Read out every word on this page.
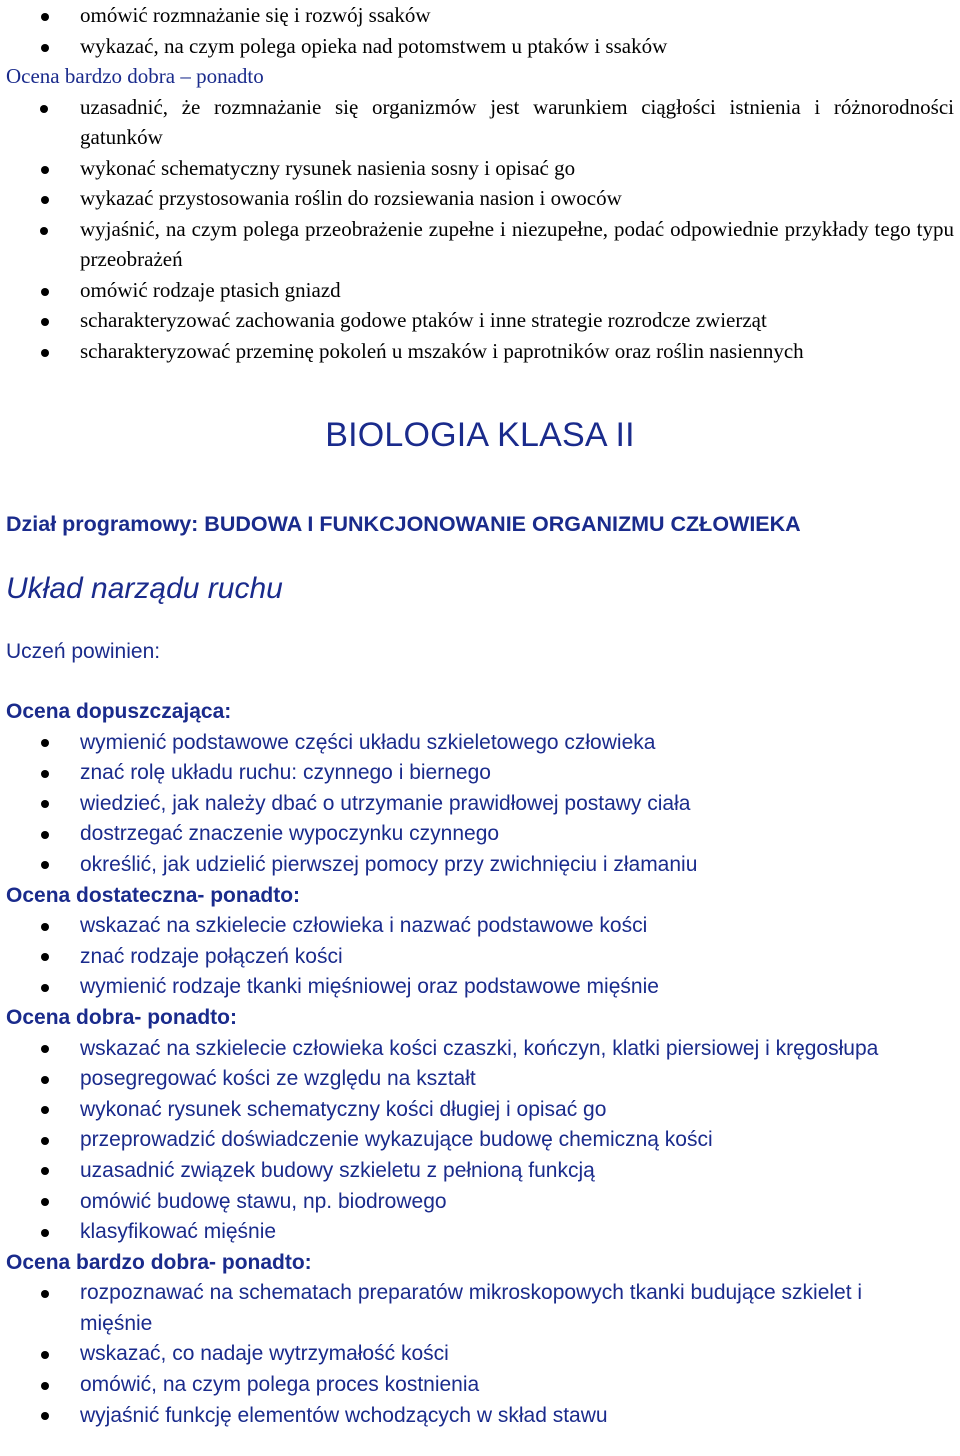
omówić rozmnażanie się i rozwój ssaków
wykazać, na czym polega opieka nad potomstwem u ptaków i ssaków
Ocena bardzo dobra – ponadto
uzasadnić, że rozmnażanie się organizmów jest warunkiem ciągłości istnienia i różnorodności gatunków
wykonać schematyczny rysunek nasienia sosny i opisać go
wykazać przystosowania roślin do rozsiewania nasion i owoców
wyjaśnić, na czym polega przeobrażenie zupełne i niezupełne, podać odpowiednie przykłady tego typu przeobrażeń
omówić rodzaje ptasich gniazd
scharakteryzować zachowania godowe ptaków i inne strategie rozrodcze zwierząt
scharakteryzować przeminę pokoleń u mszaków i paprotników oraz roślin nasiennych
BIOLOGIA KLASA II
Dział programowy: BUDOWA I FUNKCJONOWANIE ORGANIZMU CZŁOWIEKA
Układ narządu ruchu
Uczeń powinien:
Ocena dopuszczająca:
wymienić podstawowe części układu szkieletowego człowieka
znać rolę układu ruchu: czynnego i biernego
wiedzieć, jak należy dbać o utrzymanie prawidłowej postawy ciała
dostrzegać znaczenie wypoczynku czynnego
określić, jak udzielić pierwszej pomocy przy zwichnięciu i złamaniu
Ocena dostateczna- ponadto:
wskazać na szkielecie człowieka i nazwać podstawowe kości
znać rodzaje połączeń kości
wymienić rodzaje tkanki mięśniowej oraz podstawowe mięśnie
Ocena dobra- ponadto:
wskazać na szkielecie człowieka kości czaszki, kończyn, klatki piersiowej i kręgosłupa
posegregować kości ze względu na kształt
wykonać rysunek schematyczny kości długiej i opisać go
przeprowadzić doświadczenie wykazujące budowę chemiczną kości
uzasadnić związek budowy szkieletu z pełnioną funkcją
omówić budowę stawu, np. biodrowego
klasyfikować mięśnie
Ocena bardzo dobra- ponadto:
rozpoznawać na schematach preparatów mikroskopowych tkanki budujące szkielet i mięśnie
wskazać, co nadaje wytrzymałość kości
omówić, na czym polega proces kostnienia
wyjaśnić funkcję elementów wchodzących w skład stawu
